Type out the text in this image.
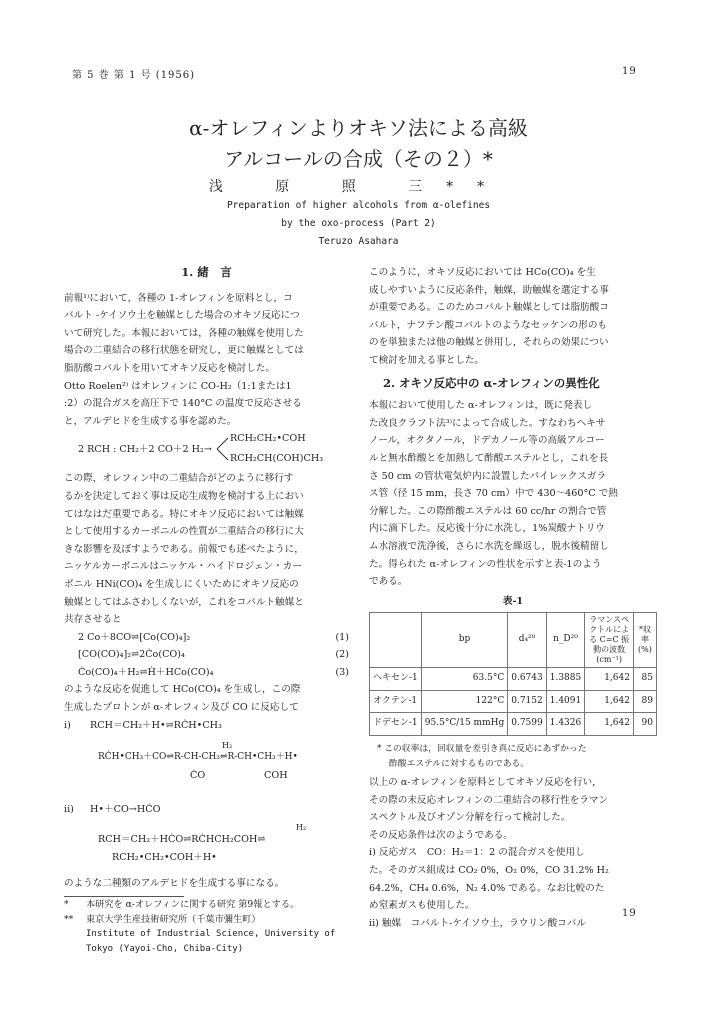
第 5 巻 第 1 号 (1956)	19
α-オレフィンよりオキソ法による高級
アルコールの合成（その２）*
浅 原 照 三**
Preparation of higher alcohols from α-olefines
by the oxo-process (Part 2)
Teruzo Asahara
1. 緒　言

前報¹⁾において，各種の 1-オレフィンを原料とし，コ

バルト -ケイソウ土を触媒とした場合のオキソ反応につ

いて研究した。本報においては，各種の触媒を使用した

場合の二重結合の移行状態を研究し，更に触媒としては

脂肪酸コバルトを用いてオキソ反応を検討した。

Otto Roelen²⁾ はオレフィンに CO-H₂（1:1または1

:2）の混合ガスを高圧下で 140°C の温度で反応させる

と，アルデヒドを生成する事を認めた。

2 RCH : CH₂＋2 CO＋2 H₂→
RCH₂CH₂•COH
RCH₂CH(COH)CH₃

この際，オレフィン中の二重結合がどのように移行す

るかを決定しておく事は反応生成物を検討する上におい

てはなはだ重要である。特にオキソ反応においては触媒

として使用するカーボニルの性質が二重結合の移行に大

きな影響を及ぼすようである。前報でも述べたように，

ニッケルカーボニルはニッケル・ハイドロジェン・カー

ボニル HNi(CO)₄ を生成しにくいためにオキソ反応の

触媒としてはふさわしくないが，これをコバルト触媒と

共存させると

2 Co＋8CO⇌[Co(CO)₄]₂	(1)
[CO(CO)₄]₂⇌2Ċo(CO)₄	(2)
Ċo(CO)₄＋H₂⇌Ḣ＋HCo(CO)₄	(3)

のような反応を促進して HCo(CO)₄ を生成し，この際

生成したプロトンが α-オレフィン及び CO に反応して

i) RCH＝CH₂＋H•⇌RĊH•CH₃
H₂
RĊH•CH₃＋CO⇌R-CH-CH₃⇌R-CH•CH₃＋H•
ĊO	COH
ii) H•＋CO→HĊO
H₂
RCH＝CH₂＋HĊO⇌RĊHCH₂COH⇌
RCH₂•CH₂•COH＋H•

のような二種類のアルデヒドを生成する事になる。

*	本研究を α-オレフィンに関する研究 第9報とする。
**	東京大学生産技術研究所（千葉市彌生町）
Institute of Industrial Science, University of
Tokyo (Yayoi-Cho, Chiba-City)

このように，オキソ反応においては HCo(CO)₄ を生

成しやすいように反応条件，触媒，助触媒を選定する事

が重要である。このためコバルト触媒としては脂肪酸コ

バルト，ナフテン酸コバルトのようなセッケンの形のも

のを単独または他の触媒と併用し，それらの効果につい

て検討を加える事とした。

2. オキソ反応中の α-オレフィンの異性化

本報において使用した α-オレフィンは，既に発表し

た改良クラフト法³⁾によって合成した。すなわちヘキサ

ノール，オクタノール，ドデカノール等の高級アルコー

ルと無水酢酸とを加熱して酢酸エステルとし，これを長

さ 50 cm の管状電気炉内に設置したパイレックスガラ

ス管（径 15 mm，長さ 70 cm）中で 430～460°C で熱

分解した。この際酢酸エステルは 60 cc/hr の割合で管

内に滴下した。反応後十分に水洗し，1%炭酸ナトリウ

ム水溶液で洗浄後，さらに水洗を繰返し，脱水後精留し

た。得られた α-オレフィンの性状を示すと表-1のよう

である。

表-1
	bp	d₄²⁰	n_D²⁰	ラマンスペクトルによる C=C 振動の波数 (cm⁻¹)	*収率 (%)
ヘキセン-1	63.5°C	0.6743	1.3885	1,642	85
オクテン-1	122°C	0.7152	1.4091	1,642	89
ドデセン-1	95.5°C/15 mmHg	0.7599	1.4326	1,642	90
* この収率は，回収量を差引き真に反応にあずかった
酢酸エステルに対するものである。

以上の α-オレフィンを原料としてオキソ反応を行い，

その際の未反応オレフィンの二重結合の移行性をラマン

スペクトル及びオゾン分解を行って検討した。

その反応条件は次のようである。

i) 反応ガス　CO：H₂＝1：2 の混合ガスを使用し

た。そのガス組成は CO₂ 0%，O₂ 0%，CO 31.2% H₂

64.2%，CH₄ 0.6%，N₂ 4.0% である。なお比較のた

め窒素ガスも使用した。

ii) 触媒　コバルト-ケイソウ土，ラウリン酸コバル

19
